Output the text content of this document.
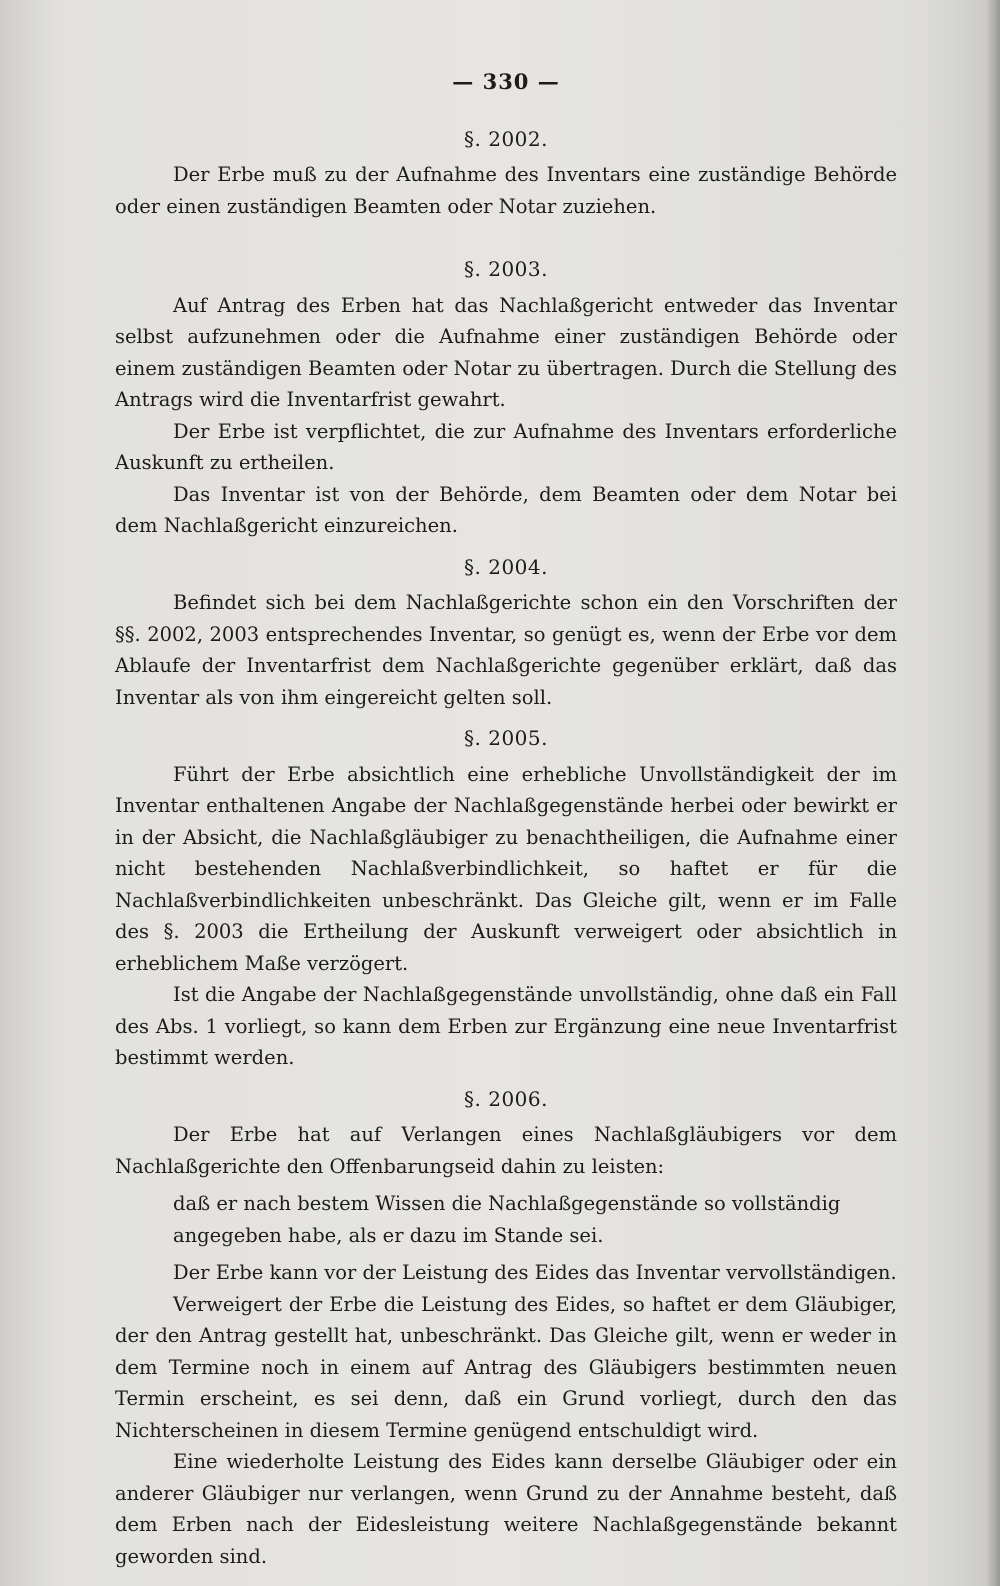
— 330 —
§. 2002.

Der Erbe muß zu der Aufnahme des Inventars eine zuständige Behörde oder einen zuständigen Beamten oder Notar zuziehen.

§. 2003.

Auf Antrag des Erben hat das Nachlaßgericht entweder das Inventar selbst aufzunehmen oder die Aufnahme einer zuständigen Behörde oder einem zuständigen Beamten oder Notar zu übertragen. Durch die Stellung des Antrags wird die Inventarfrist gewahrt.

Der Erbe ist verpflichtet, die zur Aufnahme des Inventars erforderliche Auskunft zu ertheilen.

Das Inventar ist von der Behörde, dem Beamten oder dem Notar bei dem Nachlaßgericht einzureichen.

§. 2004.

Befindet sich bei dem Nachlaßgerichte schon ein den Vorschriften der §§. 2002, 2003 entsprechendes Inventar, so genügt es, wenn der Erbe vor dem Ablaufe der Inventarfrist dem Nachlaßgerichte gegenüber erklärt, daß das Inventar als von ihm eingereicht gelten soll.

§. 2005.

Führt der Erbe absichtlich eine erhebliche Unvollständigkeit der im Inventar enthaltenen Angabe der Nachlaßgegenstände herbei oder bewirkt er in der Absicht, die Nachlaßgläubiger zu benachtheiligen, die Aufnahme einer nicht bestehenden Nachlaßverbindlichkeit, so haftet er für die Nachlaßverbindlichkeiten unbeschränkt. Das Gleiche gilt, wenn er im Falle des §. 2003 die Ertheilung der Auskunft verweigert oder absichtlich in erheblichem Maße verzögert.

Ist die Angabe der Nachlaßgegenstände unvollständig, ohne daß ein Fall des Abs. 1 vorliegt, so kann dem Erben zur Ergänzung eine neue Inventarfrist bestimmt werden.

§. 2006.

Der Erbe hat auf Verlangen eines Nachlaßgläubigers vor dem Nachlaßgerichte den Offenbarungseid dahin zu leisten:

daß er nach bestem Wissen die Nachlaßgegenstände so vollständig angegeben habe, als er dazu im Stande sei.

Der Erbe kann vor der Leistung des Eides das Inventar vervollständigen.

Verweigert der Erbe die Leistung des Eides, so haftet er dem Gläubiger, der den Antrag gestellt hat, unbeschränkt. Das Gleiche gilt, wenn er weder in dem Termine noch in einem auf Antrag des Gläubigers bestimmten neuen Termin erscheint, es sei denn, daß ein Grund vorliegt, durch den das Nichterscheinen in diesem Termine genügend entschuldigt wird.

Eine wiederholte Leistung des Eides kann derselbe Gläubiger oder ein anderer Gläubiger nur verlangen, wenn Grund zu der Annahme besteht, daß dem Erben nach der Eidesleistung weitere Nachlaßgegenstände bekannt geworden sind.
